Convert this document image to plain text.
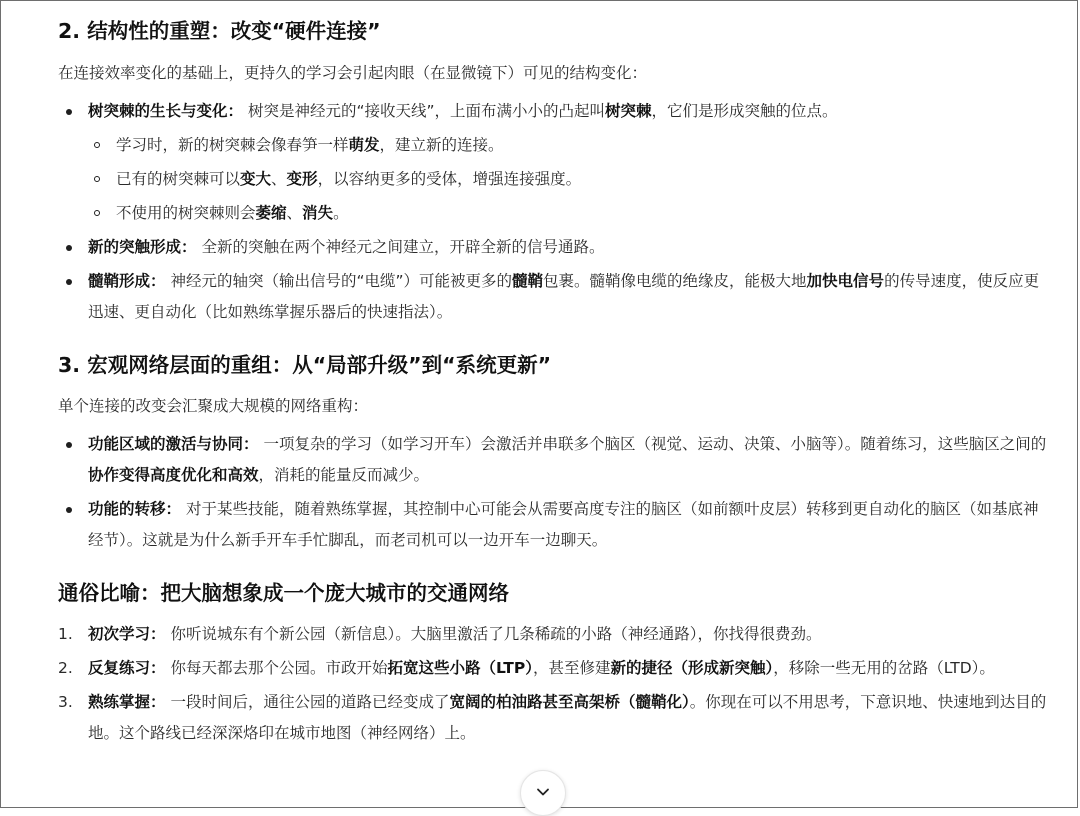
2. 结构性的重塑：改变“硬件连接”

在连接效率变化的基础上，更持久的学习会引起肉眼（在显微镜下）可见的结构变化：

树突棘的生长与变化： 树突是神经元的“接收天线”，上面布满小小的凸起叫树突棘，它们是形成突触的位点。
学习时，新的树突棘会像春笋一样萌发，建立新的连接。
已有的树突棘可以变大、变形，以容纳更多的受体，增强连接强度。
不使用的树突棘则会萎缩、消失。
新的突触形成： 全新的突触在两个神经元之间建立，开辟全新的信号通路。
髓鞘形成： 神经元的轴突（输出信号的“电缆”）可能被更多的髓鞘包裹。髓鞘像电缆的绝缘皮，能极大地加快电信号的传导速度，使反应更迅速、更自动化（比如熟练掌握乐器后的快速指法）。
3. 宏观网络层面的重组：从“局部升级”到“系统更新”

单个连接的改变会汇聚成大规模的网络重构：

功能区域的激活与协同： 一项复杂的学习（如学习开车）会激活并串联多个脑区（视觉、运动、决策、小脑等）。随着练习，这些脑区之间的协作变得高度优化和高效，消耗的能量反而减少。
功能的转移： 对于某些技能，随着熟练掌握，其控制中心可能会从需要高度专注的脑区（如前额叶皮层）转移到更自动化的脑区（如基底神经节）。这就是为什么新手开车手忙脚乱，而老司机可以一边开车一边聊天。
通俗比喻：把大脑想象成一个庞大城市的交通网络
1. 初次学习： 你听说城东有个新公园（新信息）。大脑里激活了几条稀疏的小路（神经通路），你找得很费劲。
2. 反复练习： 你每天都去那个公园。市政开始拓宽这些小路（LTP），甚至修建新的捷径（形成新突触），移除一些无用的岔路（LTD）。
3. 熟练掌握： 一段时间后，通往公园的道路已经变成了宽阔的柏油路甚至高架桥（髓鞘化）。你现在可以不用思考，下意识地、快速地到达目的地。这个路线已经深深烙印在城市地图（神经网络）上。
